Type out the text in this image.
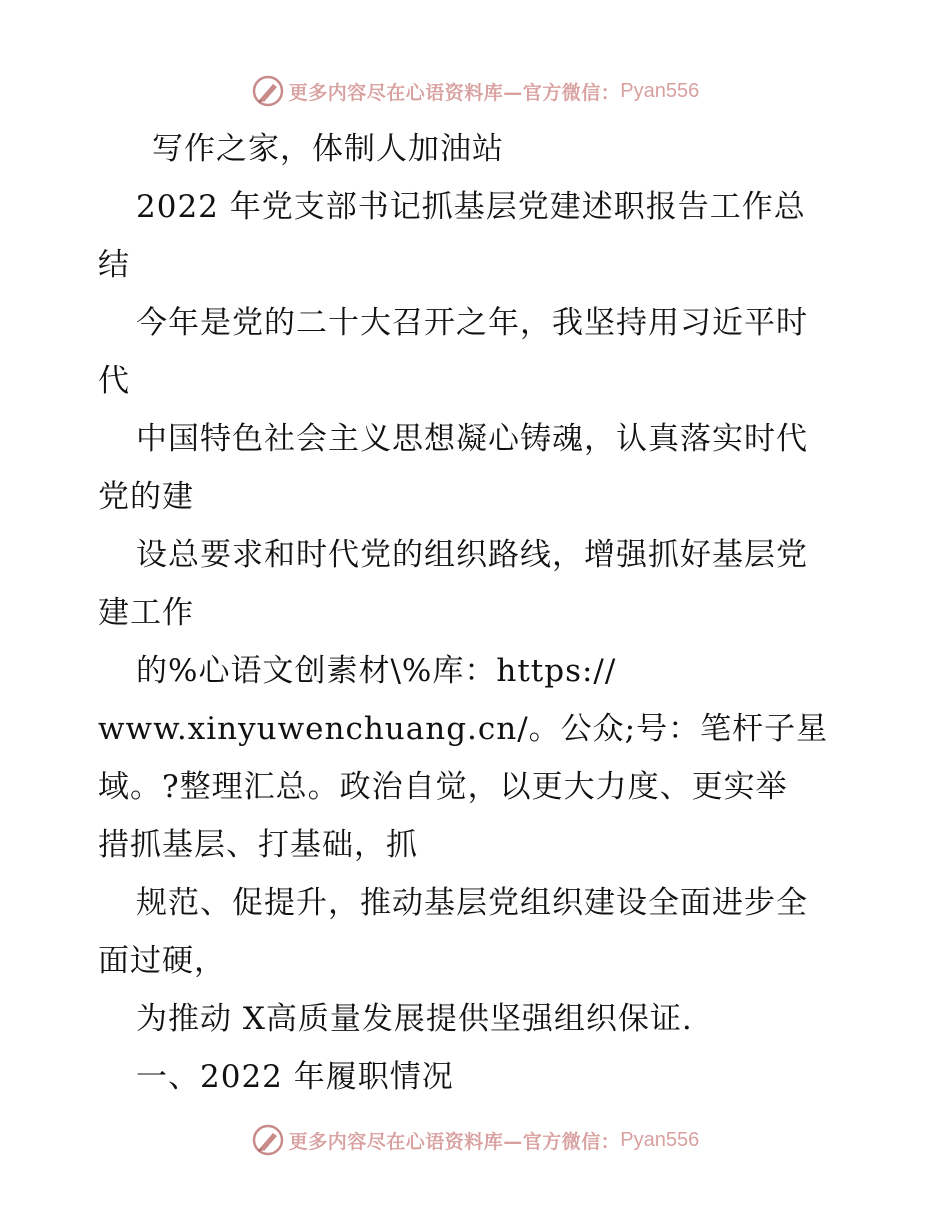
更多内容尽在心语资料库—官方微信： Pyan556
写作之家，体制人加油站
2022 年党支部书记抓基层党建述职报告工作总
结
今年是党的二十大召开之年，我坚持用习近平时
代
中国特色社会主义思想凝心铸魂，认真落实时代
党的建
设总要求和时代党的组织路线，增强抓好基层党
建工作
的%心语文创素材\%库：https://
www.xinyuwenchuang.cn/。公众;号：笔杆子星
域。?整理汇总。政治自觉，以更大力度、更实举
措抓基层、打基础，抓
规范、促提升，推动基层党组织建设全面进步全
面过硬，
为推动 X高质量发展提供坚强组织保证.
一、2022 年履职情况
更多内容尽在心语资料库—官方微信： Pyan556
